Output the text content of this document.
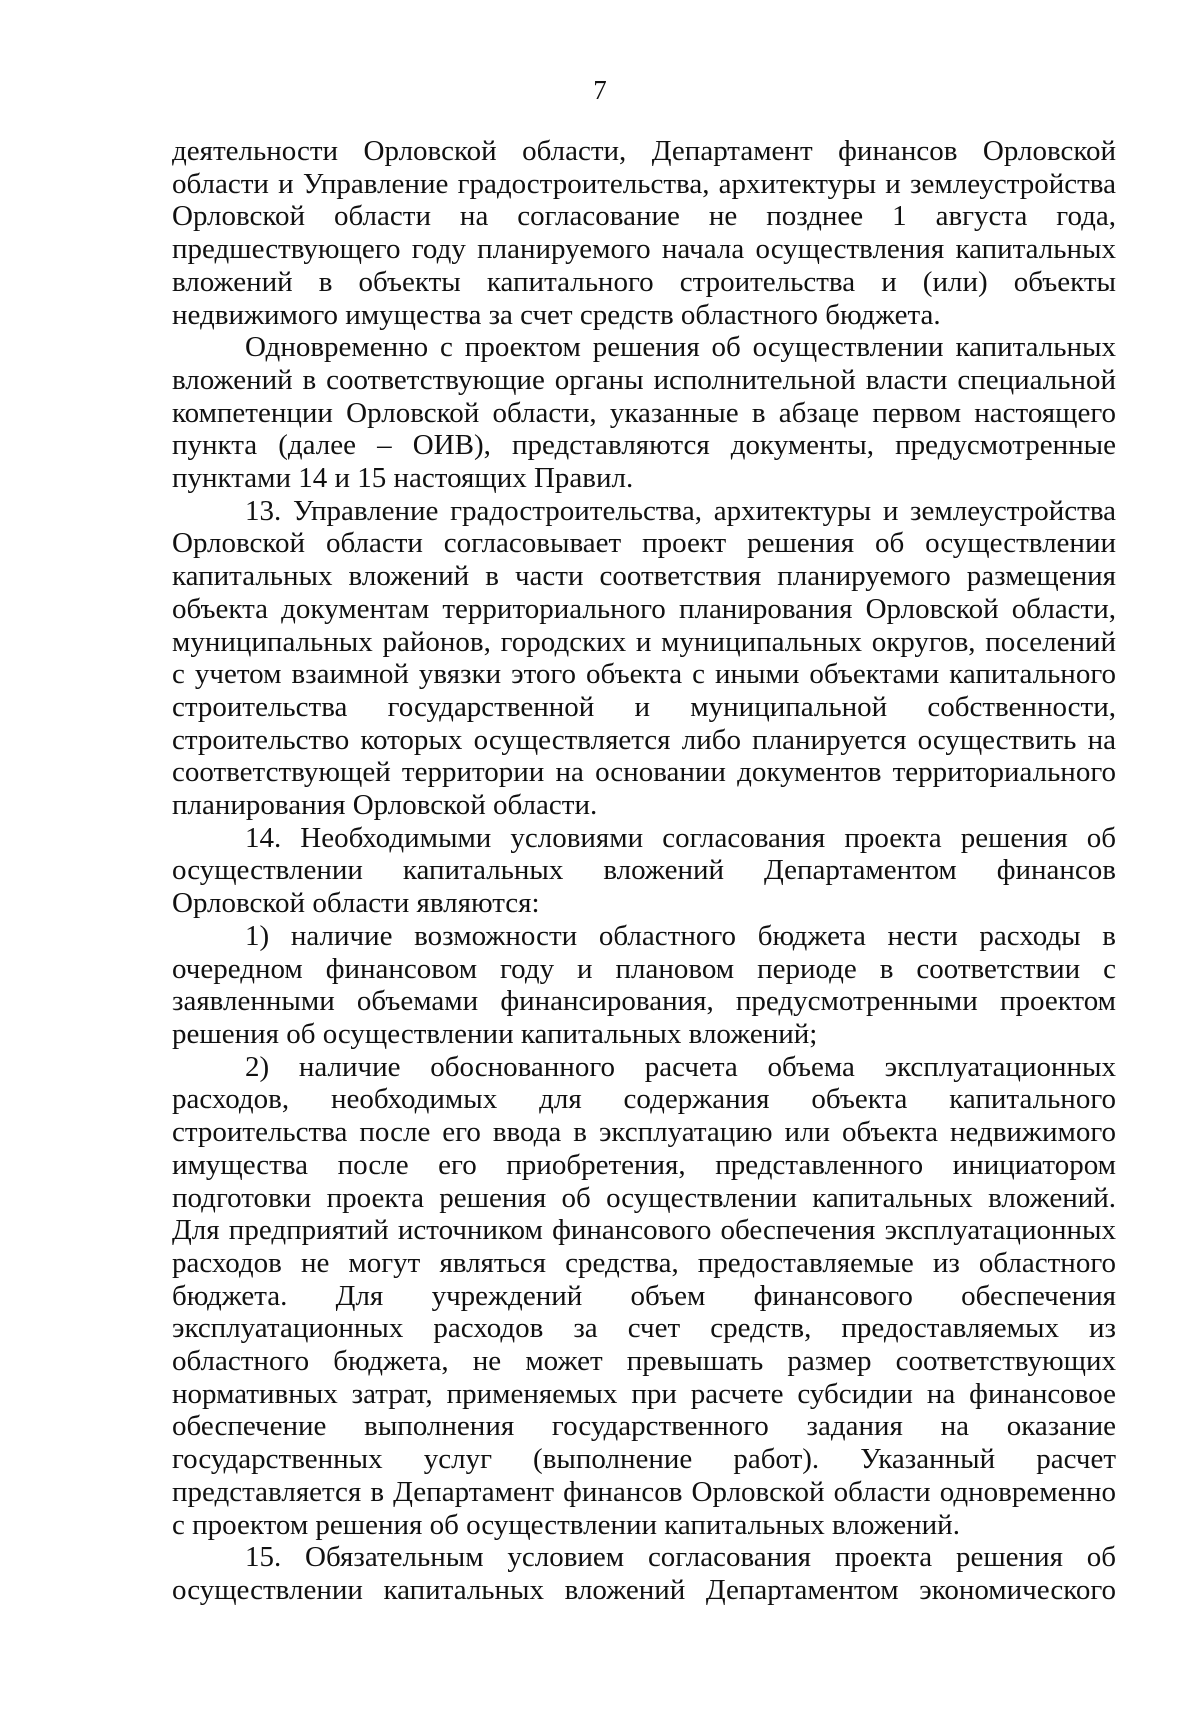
7

деятельности Орловской области, Департамент финансов Орловской области и Управление градостроительства, архитектуры и землеустройства Орловской области на согласование не позднее 1 августа года, предшествующего году планируемого начала осуществления капитальных вложений в объекты капитального строительства и (или) объекты недвижимого имущества за счет средств областного бюджета.

Одновременно с проектом решения об осуществлении капитальных вложений в соответствующие органы исполнительной власти специальной компетенции Орловской области, указанные в абзаце первом настоящего пункта (далее – ОИВ), представляются документы, предусмотренные пунктами 14 и 15 настоящих Правил.

13. Управление градостроительства, архитектуры и землеустройства Орловской области согласовывает проект решения об осуществлении капитальных вложений в части соответствия планируемого размещения объекта документам территориального планирования Орловской области, муниципальных районов, городских и муниципальных округов, поселений с учетом взаимной увязки этого объекта с иными объектами капитального строительства государственной и муниципальной собственности, строительство которых осуществляется либо планируется осуществить на соответствующей территории на основании документов территориального планирования Орловской области.

14. Необходимыми условиями согласования проекта решения об осуществлении капитальных вложений Департаментом финансов Орловской области являются:

1) наличие возможности областного бюджета нести расходы в очередном финансовом году и плановом периоде в соответствии с заявленными объемами финансирования, предусмотренными проектом решения об осуществлении капитальных вложений;

2) наличие обоснованного расчета объема эксплуатационных расходов, необходимых для содержания объекта капитального строительства после его ввода в эксплуатацию или объекта недвижимого имущества после его приобретения, представленного инициатором подготовки проекта решения об осуществлении капитальных вложений. Для предприятий источником финансового обеспечения эксплуатационных расходов не могут являться средства, предоставляемые из областного бюджета. Для учреждений объем финансового обеспечения эксплуатационных расходов за счет средств, предоставляемых из областного бюджета, не может превышать размер соответствующих нормативных затрат, применяемых при расчете субсидии на финансовое обеспечение выполнения государственного задания на оказание государственных услуг (выполнение работ). Указанный расчет представляется в Департамент финансов Орловской области одновременно с проектом решения об осуществлении капитальных вложений.

15. Обязательным условием согласования проекта решения об осуществлении капитальных вложений Департаментом экономического
